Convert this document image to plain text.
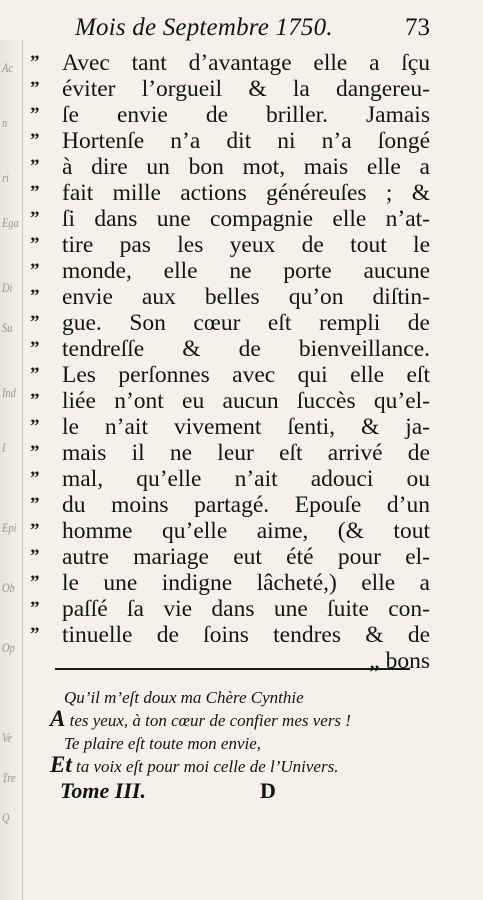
Ac
n
ri
Ega
Di
Su
Ind
I
Epi
Ob
Op
Ve
Tre
Q
Mois de Septembre 1750.	73
” Avec tant d’avantage elle a ſçu
” éviter l’orgueil & la dangereu-
” ſe envie de briller. Jamais
” Hortenſe n’a dit ni n’a ſongé
” à dire un bon mot, mais elle a
” fait mille actions généreuſes ; &
” ſi dans une compagnie elle n’at-
” tire pas les yeux de tout le
” monde, elle ne porte aucune
” envie aux belles qu’on diſtin-
” gue. Son cœur eſt rempli de
” tendreſſe & de bienveillance.
” Les perſonnes avec qui elle eſt
” liée n’ont eu aucun ſuccès qu’el-
” le n’ait vivement ſenti, & ja-
” mais il ne leur eſt arrivé de
” mal, qu’elle n’ait adouci ou
” du moins partagé. Epouſe d’un
” homme qu’elle aime, (& tout
” autre mariage eut été pour el-
” le une indigne lâcheté,) elle a
” paſſé ſa vie dans une ſuite con-
” tinuelle de ſoins tendres & de
„ bons
Qu’il m’eſt doux ma Chère Cynthie
A tes yeux, à ton cœur de confier mes vers !
Te plaire eſt toute mon envie,
Et ta voix eſt pour moi celle de l’Univers.
Tome III.	D
